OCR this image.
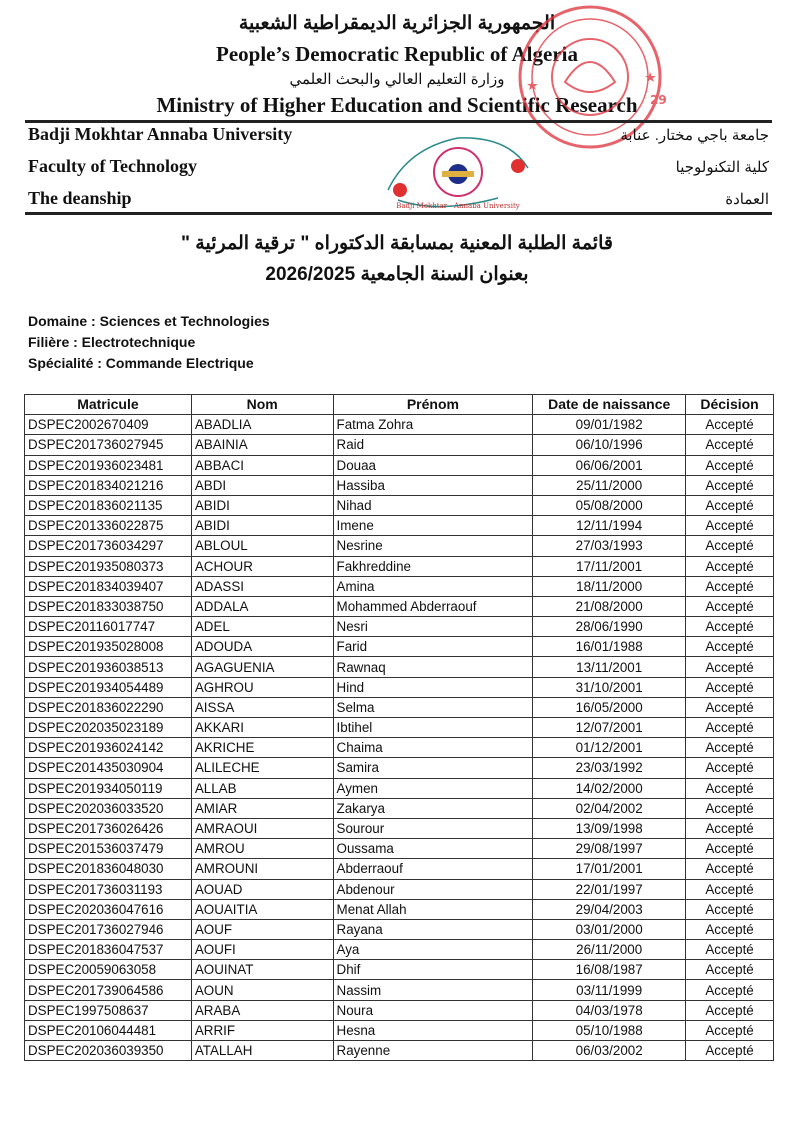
الجمهورية الجزائرية الديمقراطية الشعبية
People’s Democratic Republic of Algeria
وزارة التعليم العالي والبحث العلمي
Ministry of Higher Education and Scientific Research	29
Badji Mokhtar Annaba University
Faculty of Technology
The deanship
جامعة باجي مختار. عنابة
كلية التكنولوجيا
العمادة
Badji Mokhtar - Annaba University
قائمة الطلبة المعنية بمسابقة الدكتوراه " ترقية المرئية "
بعنوان السنة الجامعية 2026/2025
Domaine : Sciences et Technologies
Filière : Electrotechnique
Spécialité : Commande Electrique
Matricule	Nom	Prénom	Date de naissance	Décision
DSPEC2002670409	ABADLIA	Fatma Zohra	09/01/1982	Accepté
DSPEC201736027945	ABAINIA	Raid	06/10/1996	Accepté
DSPEC201936023481	ABBACI	Douaa	06/06/2001	Accepté
DSPEC201834021216	ABDI	Hassiba	25/11/2000	Accepté
DSPEC201836021135	ABIDI	Nihad	05/08/2000	Accepté
DSPEC201336022875	ABIDI	Imene	12/11/1994	Accepté
DSPEC201736034297	ABLOUL	Nesrine	27/03/1993	Accepté
DSPEC201935080373	ACHOUR	Fakhreddine	17/11/2001	Accepté
DSPEC201834039407	ADASSI	Amina	18/11/2000	Accepté
DSPEC201833038750	ADDALA	Mohammed Abderraouf	21/08/2000	Accepté
DSPEC20116017747	ADEL	Nesri	28/06/1990	Accepté
DSPEC201935028008	ADOUDA	Farid	16/01/1988	Accepté
DSPEC201936038513	AGAGUENIA	Rawnaq	13/11/2001	Accepté
DSPEC201934054489	AGHROU	Hind	31/10/2001	Accepté
DSPEC201836022290	AISSA	Selma	16/05/2000	Accepté
DSPEC202035023189	AKKARI	Ibtihel	12/07/2001	Accepté
DSPEC201936024142	AKRICHE	Chaima	01/12/2001	Accepté
DSPEC201435030904	ALILECHE	Samira	23/03/1992	Accepté
DSPEC201934050119	ALLAB	Aymen	14/02/2000	Accepté
DSPEC202036033520	AMIAR	Zakarya	02/04/2002	Accepté
DSPEC201736026426	AMRAOUI	Sourour	13/09/1998	Accepté
DSPEC201536037479	AMROU	Oussama	29/08/1997	Accepté
DSPEC201836048030	AMROUNI	Abderraouf	17/01/2001	Accepté
DSPEC201736031193	AOUAD	Abdenour	22/01/1997	Accepté
DSPEC202036047616	AOUAITIA	Menat Allah	29/04/2003	Accepté
DSPEC201736027946	AOUF	Rayana	03/01/2000	Accepté
DSPEC201836047537	AOUFI	Aya	26/11/2000	Accepté
DSPEC20059063058	AOUINAT	Dhif	16/08/1987	Accepté
DSPEC201739064586	AOUN	Nassim	03/11/1999	Accepté
DSPEC1997508637	ARABA	Noura	04/03/1978	Accepté
DSPEC20106044481	ARRIF	Hesna	05/10/1988	Accepté
DSPEC202036039350	ATALLAH	Rayenne	06/03/2002	Accepté
